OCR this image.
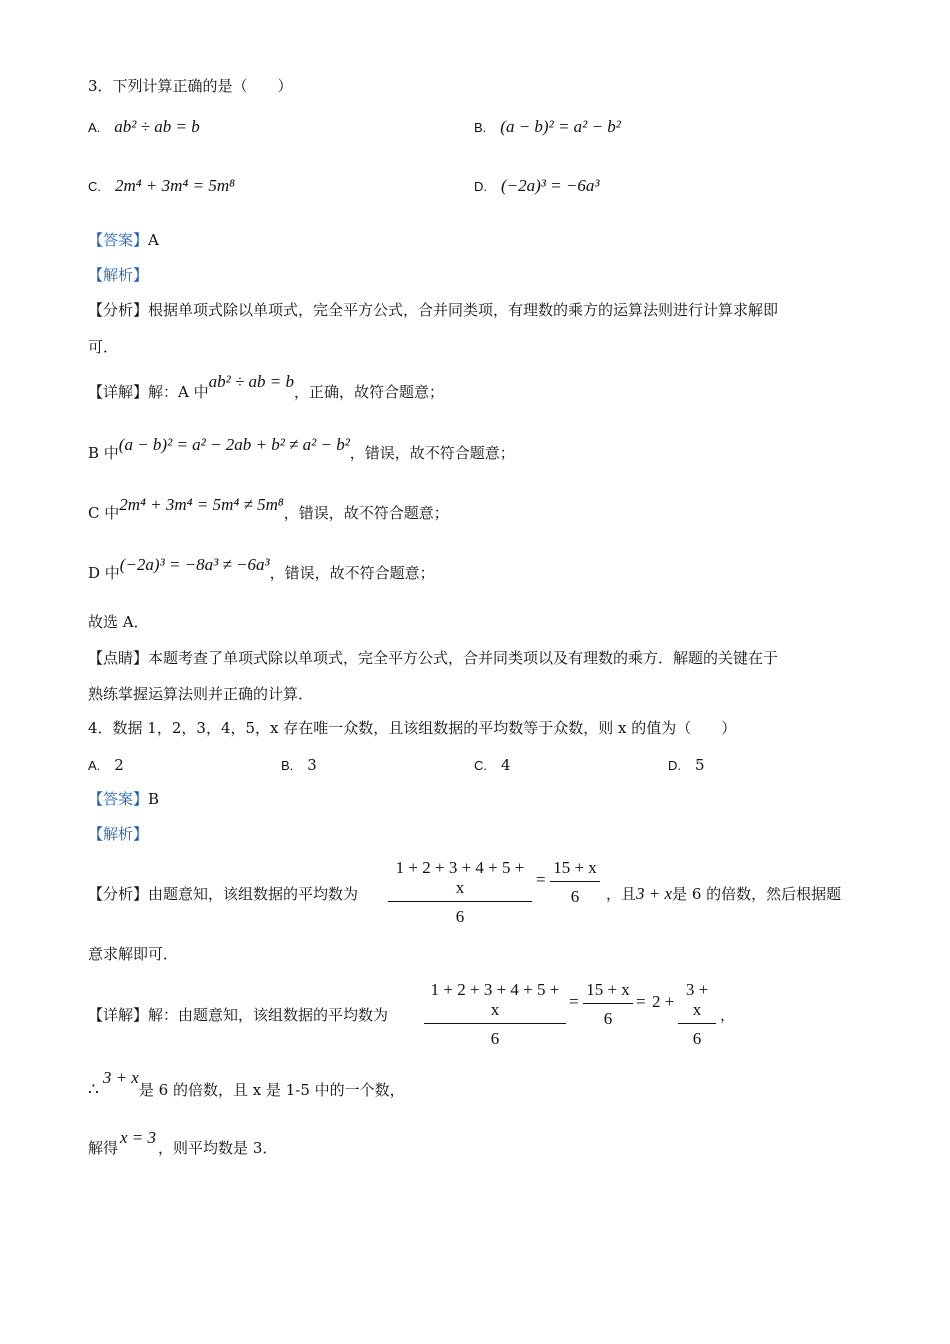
3．下列计算正确的是（　　）
A. ab² ÷ ab = b	B. (a − b)² = a² − b²
C. 2m⁴ + 3m⁴ = 5m⁸	D. (−2a)³ = −6a³
【答案】A
【解析】
【分析】根据单项式除以单项式，完全平方公式，合并同类项，有理数的乘方的运算法则进行计算求解即
可．
【详解】解：A 中ab² ÷ ab = b，正确，故符合题意；
B 中(a − b)² = a² − 2ab + b² ≠ a² − b²，错误，故不符合题意；
C 中2m⁴ + 3m⁴ = 5m⁴ ≠ 5m⁸，错误，故不符合题意；
D 中(−2a)³ = −8a³ ≠ −6a³，错误，故不符合题意；
故选 A．
【点睛】本题考查了单项式除以单项式，完全平方公式，合并同类项以及有理数的乘方．解题的关键在于
熟练掌握运算法则并正确的计算．
4．数据 1，2，3，4，5，x 存在唯一众数，且该组数据的平均数等于众数，则 x 的值为（　　）
A. 2	B. 3	C. 4	D. 5
【答案】B
【解析】
【分析】由题意知，该组数据的平均数为 $\frac{1 + 2 + 3 + 4 + 5 + x}{6} = \frac{15 + x}{6}$ ，且3 + x是 6 的倍数，然后根据题
意求解即可．
【详解】解：由题意知，该组数据的平均数为 $\frac{1 + 2 + 3 + 4 + 5 + x}{6} = \frac{15 + x}{6} = 2 + \frac{3 + x}{6}$ ，
∴3 + x是 6 的倍数，且 x 是 1-5 中的一个数，
解得x = 3，则平均数是 3．
